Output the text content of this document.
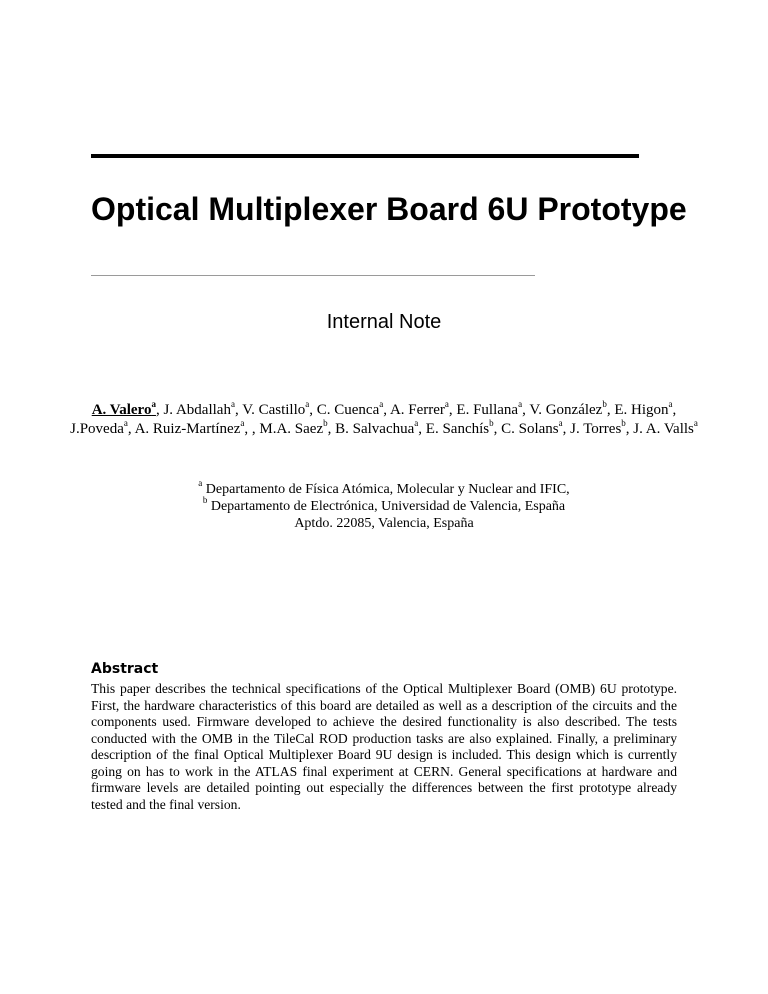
Optical Multiplexer Board 6U Prototype
Internal Note
A. Valero$^a$, J. Abdallah$^a$, V. Castillo$^a$, C. Cuenca$^a$, A. Ferrer$^a$, E. Fullana$^a$, V. González$^b$, E. Higon$^a$, J.Poveda$^a$, A. Ruiz-Martínez$^a$, , M.A. Saez$^b$, B. Salvachua$^a$, E. Sanchís$^b$, C. Solans$^a$, J. Torres$^b$, J. A. Valls$^a$
$^a$ Departamento de Física Atómica, Molecular y Nuclear and IFIC,
$^b$ Departamento de Electrónica, Universidad de Valencia, España
Aptdo. 22085, Valencia, España
Abstract

This paper describes the technical specifications of the Optical Multiplexer Board (OMB) 6U prototype. First, the hardware characteristics of this board are detailed as well as a description of the circuits and the components used. Firmware developed to achieve the desired functionality is also described. The tests conducted with the OMB in the TileCal ROD production tasks are also explained. Finally, a preliminary description of the final Optical Multiplexer Board 9U design is included. This design which is currently going on has to work in the ATLAS final experiment at CERN. General specifications at hardware and firmware levels are detailed pointing out especially the differences between the first prototype already tested and the final version.
